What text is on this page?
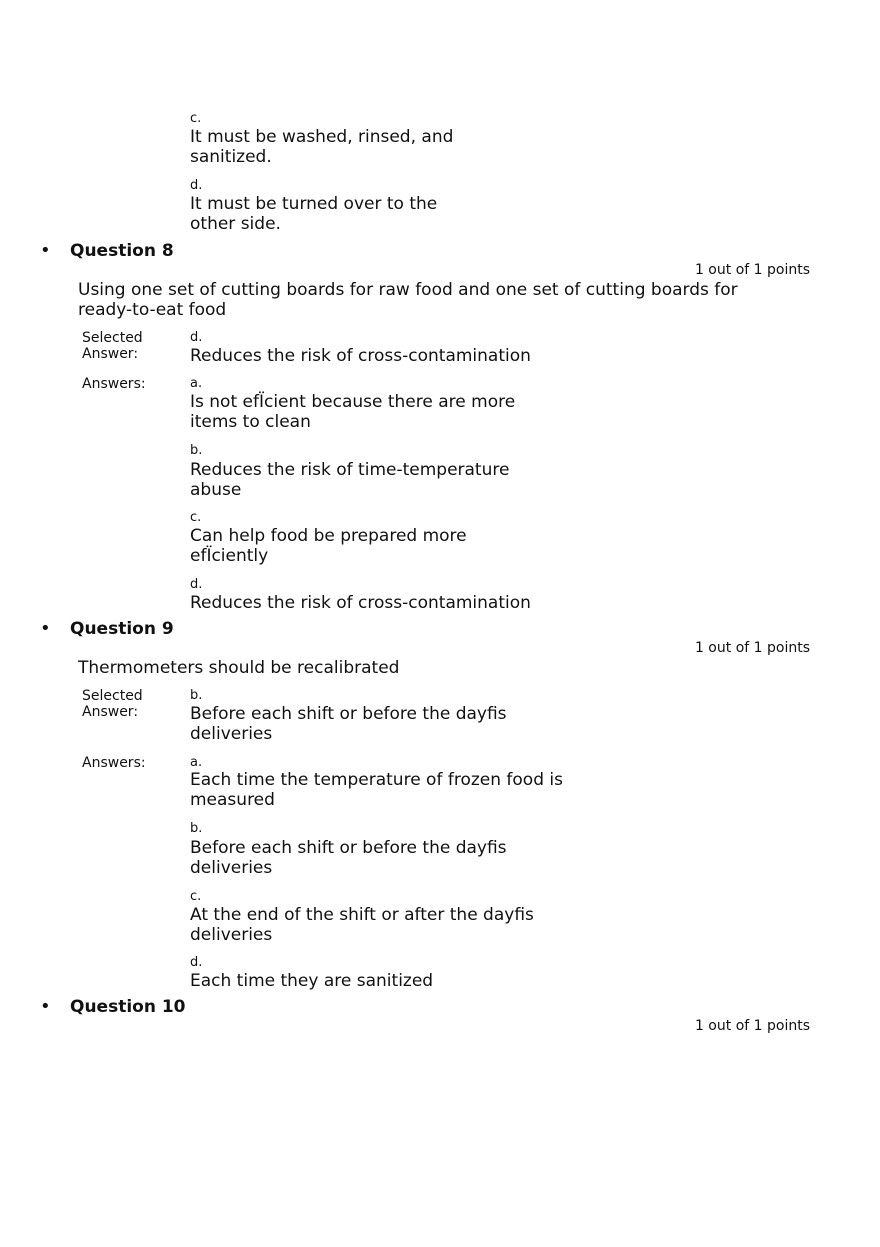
c.
It must be washed, rinsed, and sanitized.
d.
It must be turned over to the other side.
• Question 8
1 out of 1 points
Using one set of cutting boards for raw food and one set of cutting boards for ready-to-eat food
Selected Answer:
d.
Reduces the risk of cross-contamination
Answers:	a.
Is not efÏcient because there are more items to clean
b.
Reduces the risk of time-temperature abuse
c.
Can help food be prepared more efÏciently
d.
Reduces the risk of cross-contamination
• Question 9
1 out of 1 points
Thermometers should be recalibrated
Selected Answer:
b.
Before each shift or before the dayfis deliveries
Answers:	a.
Each time the temperature of frozen food is measured
b.
Before each shift or before the dayfis deliveries
c.
At the end of the shift or after the dayfis deliveries
d.
Each time they are sanitized
• Question 10
1 out of 1 points
